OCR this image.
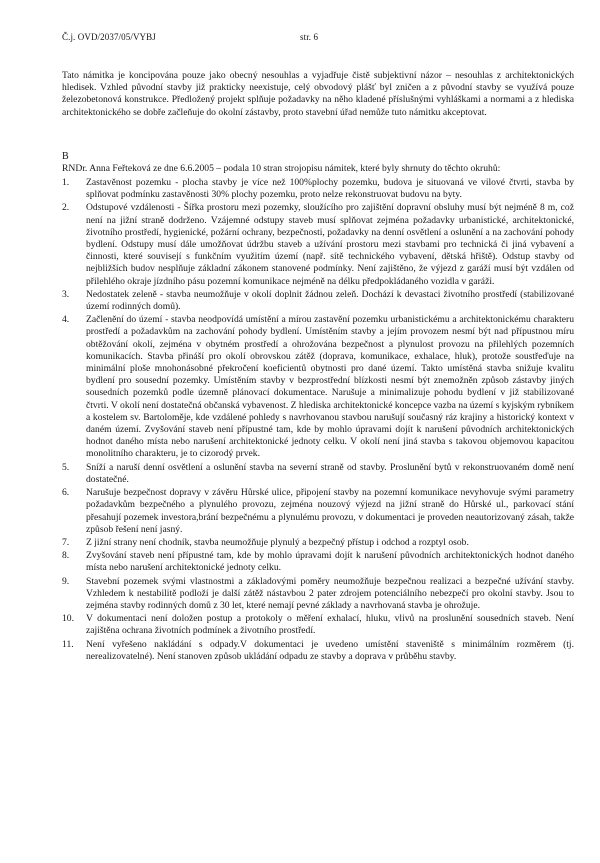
Č.j. OVD/2037/05/VYBJ	str. 6

Tato námitka je koncipována pouze jako obecný nesouhlas a vyjadřuje čistě subjektivní názor – nesouhlas z architektonických hledisek. Vzhled původní stavby již prakticky neexistuje, celý obvodový plášť byl zničen a z původní stavby se využívá pouze železobetonová konstrukce. Předložený projekt splňuje požadavky na něho kladené příslušnými vyhláškami a normami a z hlediska architektonického se dobře začleňuje do okolní zástavby, proto stavební úřad nemůže tuto námitku akceptovat.

B

RNDr. Anna Feřteková ze dne 6.6.2005 – podala 10 stran strojopisu námitek, které byly shrnuty do těchto okruhů:

1.	Zastavěnost pozemku - plocha stavby je více než 100%plochy pozemku, budova je situovaná ve vilové čtvrti, stavba by splňovat podmínku zastavěnosti 30% plochy pozemku, proto nelze rekonstruovat budovu na byty.
2.	Odstupové vzdálenosti - Šířka prostoru mezi pozemky, sloužícího pro zajištění dopravní obsluhy musí být nejméně 8 m, což není na jižní straně dodrženo. Vzájemné odstupy staveb musí splňovat zejména požadavky urbanistické, architektonické, životního prostředí, hygienické, požární ochrany, bezpečnosti, požadavky na denní osvětlení a oslunění a na zachování pohody bydlení. Odstupy musí dále umožňovat údržbu staveb a užívání prostoru mezi stavbami pro technická či jiná vybavení a činnosti, které souvisejí s funkčním využitím území (např. sítě technického vybavení, dětská hřiště). Odstup stavby od nejbližších budov nesplňuje základní zákonem stanovené podmínky. Není zajištěno, že výjezd z garáží musí být vzdálen od přilehlého okraje jízdního pásu pozemní komunikace nejméně na délku předpokládaného vozidla v garáži.
3.	Nedostatek zeleně - stavba neumožňuje v okolí doplnit žádnou zeleň. Dochází k devastaci životního prostředí (stabilizované území rodinných domů).
4.	Začlenění do území - stavba neodpovídá umístění a mírou zastavění pozemku urbanistickému a architektonickému charakteru prostředí a požadavkům na zachování pohody bydlení. Umístěním stavby a jejím provozem nesmí být nad přípustnou míru obtěžování okolí, zejména v obytném prostředí a ohrožována bezpečnost a plynulost provozu na přilehlých pozemních komunikacích. Stavba přináší pro okolí obrovskou zátěž (doprava, komunikace, exhalace, hluk), protože soustřeďuje na minimální ploše mnohonásobné překročení koeficientů obytnosti pro dané území. Takto umístěná stavba snižuje kvalitu bydlení pro sousední pozemky. Umístěním stavby v bezprostřední blízkosti nesmí být znemožněn způsob zástavby jiných sousedních pozemků podle územně plánovací dokumentace. Narušuje a minimalizuje pohodu bydlení v již stabilizované čtvrti. V okolí není dostatečná občanská vybavenost. Z hlediska architektonické koncepce vazba na území s kyjským rybníkem a kostelem sv. Bartoloměje, kde vzdálené pohledy s navrhovanou stavbou narušují současný ráz krajiny a historický kontext v daném území. Zvyšování staveb není přípustné tam, kde by mohlo úpravami dojít k narušení původních architektonických hodnot daného místa nebo narušení architektonické jednoty celku. V okolí není jiná stavba s takovou objemovou kapacitou monolitního charakteru, je to cizorodý prvek.
5.	Sníží a naruší denní osvětlení a oslunění stavba na severní straně od stavby. Proslunění bytů v rekonstruovaném domě není dostatečné.
6.	Narušuje bezpečnost dopravy v závěru Hůrské ulice, připojení stavby na pozemní komunikace nevyhovuje svými parametry požadavkům bezpečného a plynulého provozu, zejména nouzový výjezd na jižní straně do Hůrské ul., parkovací stání přesahují pozemek investora,brání bezpečnému a plynulému provozu, v dokumentaci je proveden neautorizovaný zásah, takže způsob řešení není jasný.
7.	Z jižní strany není chodník, stavba neumožňuje plynulý a bezpečný přístup i odchod a rozptyl osob.
8.	Zvyšování staveb není přípustné tam, kde by mohlo úpravami dojít k narušení původních architektonických hodnot daného místa nebo narušení architektonické jednoty celku.
9.	Stavební pozemek svými vlastnostmi a základovými poměry neumožňuje bezpečnou realizaci a bezpečné užívání stavby. Vzhledem k nestabilitě podloží je další zátěž nástavbou 2 pater zdrojem potenciálního nebezpečí pro okolní stavby. Jsou to zejména stavby rodinných domů z 30 let, které nemají pevné základy a navrhovaná stavba je ohrožuje.
10.	V dokumentaci není doložen postup a protokoly o měření exhalací, hluku, vlivů na proslunění sousedních staveb. Není zajištěna ochrana životních podmínek a životního prostředí.
11.	Není vyřešeno nakládání s odpady.V dokumentaci je uvedeno umístění staveniště s minimálním rozměrem (tj. nerealizovatelné). Není stanoven způsob ukládání odpadu ze stavby a doprava v průběhu stavby.
